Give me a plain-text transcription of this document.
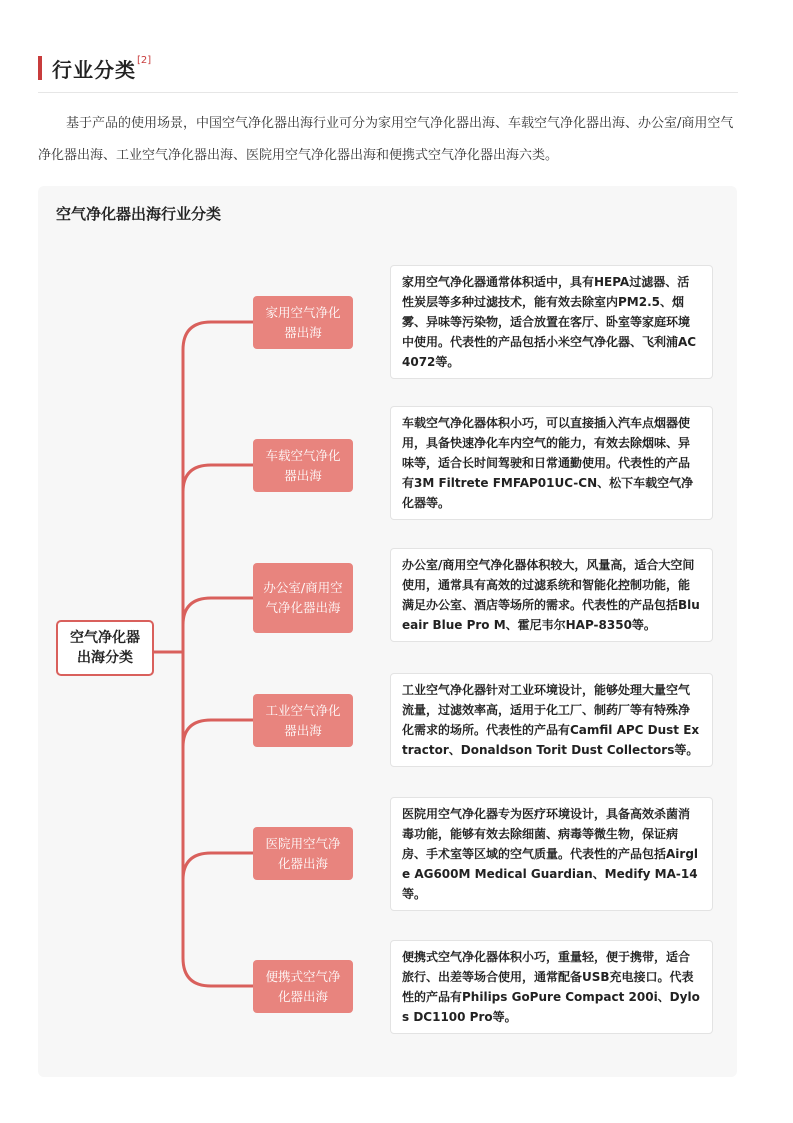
行业分类 [2]
基于产品的使用场景，中国空气净化器出海行业可分为家用空气净化器出海、车载空气净化器出海、办公室/商用空气净化器出海、工业空气净化器出海、医院用空气净化器出海和便携式空气净化器出海六类。
空气净化器出海行业分类
空气净化器出海分类
家用空气净化器出海
车载空气净化器出海
办公室/商用空气净化器出海
工业空气净化器出海
医院用空气净化器出海
便携式空气净化器出海
家用空气净化器通常体积适中，具有HEPA过滤器、活性炭层等多种过滤技术，能有效去除室内PM2.5、烟雾、异味等污染物，适合放置在客厅、卧室等家庭环境中使用。代表性的产品包括小米空气净化器、飞利浦AC4072等。
车载空气净化器体积小巧，可以直接插入汽车点烟器使用，具备快速净化车内空气的能力，有效去除烟味、异味等，适合长时间驾驶和日常通勤使用。代表性的产品有3M Filtrete FMFAP01UC-CN、松下车载空气净化器等。
办公室/商用空气净化器体积较大，风量高，适合大空间使用，通常具有高效的过滤系统和智能化控制功能，能满足办公室、酒店等场所的需求。代表性的产品包括Blueair Blue Pro M、霍尼韦尔HAP-8350等。
工业空气净化器针对工业环境设计，能够处理大量空气流量，过滤效率高，适用于化工厂、制药厂等有特殊净化需求的场所。代表性的产品有Camfil APC Dust Extractor、Donaldson Torit Dust Collectors等。
医院用空气净化器专为医疗环境设计，具备高效杀菌消毒功能，能够有效去除细菌、病毒等微生物，保证病房、手术室等区域的空气质量。代表性的产品包括Airgle AG600M Medical Guardian、Medify MA-14等。
便携式空气净化器体积小巧，重量轻，便于携带，适合旅行、出差等场合使用，通常配备USB充电接口。代表性的产品有Philips GoPure Compact 200i、Dylos DC1100 Pro等。
